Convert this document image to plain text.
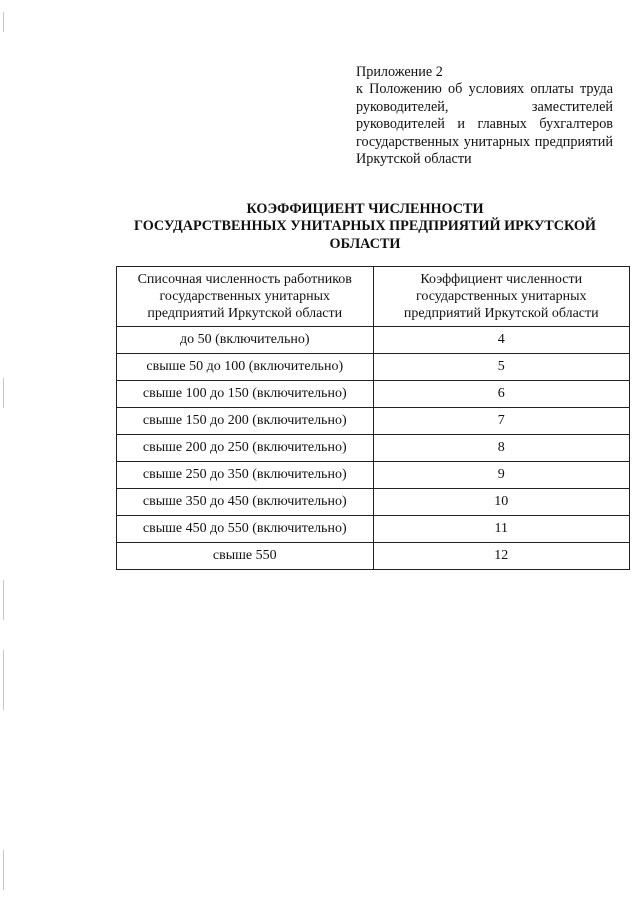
Приложение 2
к Положению об условиях оплаты труда руководителей, заместителей руководителей и главных бухгалтеров государственных унитарных предприятий Иркутской области
КОЭФФИЦИЕНТ ЧИСЛЕННОСТИ
ГОСУДАРСТВЕННЫХ УНИТАРНЫХ ПРЕДПРИЯТИЙ ИРКУТСКОЙ
ОБЛАСТИ
Списочная численность работников государственных унитарных предприятий Иркутской области	Коэффициент численности государственных унитарных предприятий Иркутской области
до 50 (включительно)	4
свыше 50 до 100 (включительно)	5
свыше 100 до 150 (включительно)	6
свыше 150 до 200 (включительно)	7
свыше 200 до 250 (включительно)	8
свыше 250 до 350 (включительно)	9
свыше 350 до 450 (включительно)	10
свыше 450 до 550 (включительно)	11
свыше 550	12
